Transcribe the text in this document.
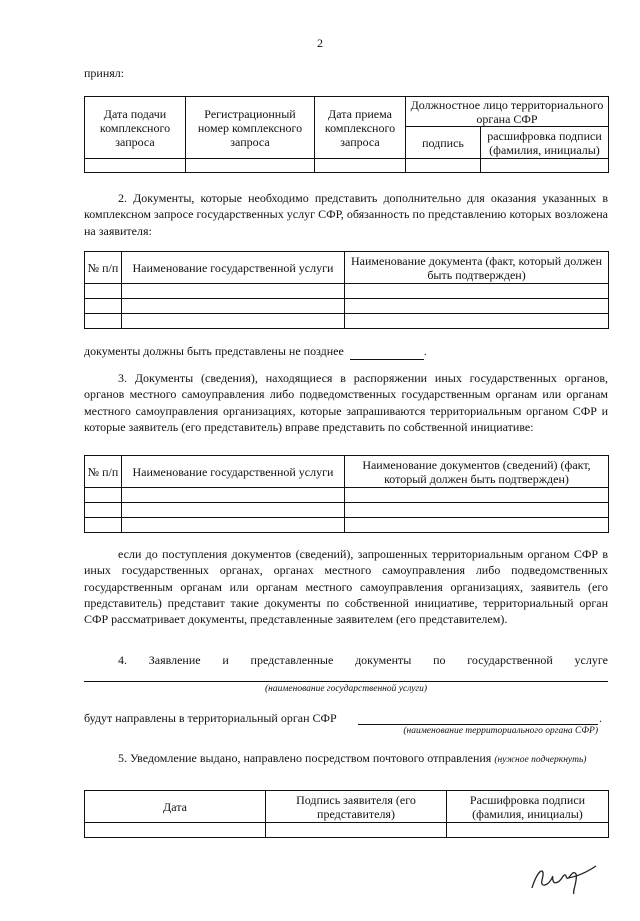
2
принял:
Дата подачи комплексного запроса	Регистрационный номер комплексного запроса	Дата приема комплексного запроса	Должностное лицо территориального органа СФР	
			подпись	расшифровка подписи (фамилия, инициалы)

2. Документы, которые необходимо представить дополнительно для оказания указанных в комплексном запросе государственных услуг СФР, обязанность по представлению которых возложена на заявителя:
№ п/п	Наименование государственной услуги	Наименование документа (факт, который должен быть подтвержден)

документы должны быть представлены не позднее	.
3. Документы (сведения), находящиеся в распоряжении иных государственных органов, органов местного самоуправления либо подведомственных государственным органам или органам местного самоуправления организациях, которые запрашиваются территориальным органом СФР и которые заявитель (его представитель) вправе представить по собственной инициативе:
№ п/п	Наименование государственной услуги	Наименование документов (сведений) (факт, который должен быть подтвержден)

если до поступления документов (сведений), запрошенных территориальным органом СФР в иных государственных органах, органах местного самоуправления либо подведомственных государственным органам или органам местного самоуправления организациях, заявитель (его представитель) представит такие документы по собственной инициативе, территориальный орган СФР рассматривает документы, представленные заявителем (его представителем).
4. Заявление и представленные документы по государственной услуге
(наименование государственной услуги)
будут направлены в территориальный орган СФР	.
(наименование территориального органа СФР)
5. Уведомление выдано, направлено посредством почтового отправления (нужное подчеркнуть)
Дата	Подпись заявителя (его представителя)	Расшифровка подписи (фамилия, инициалы)
